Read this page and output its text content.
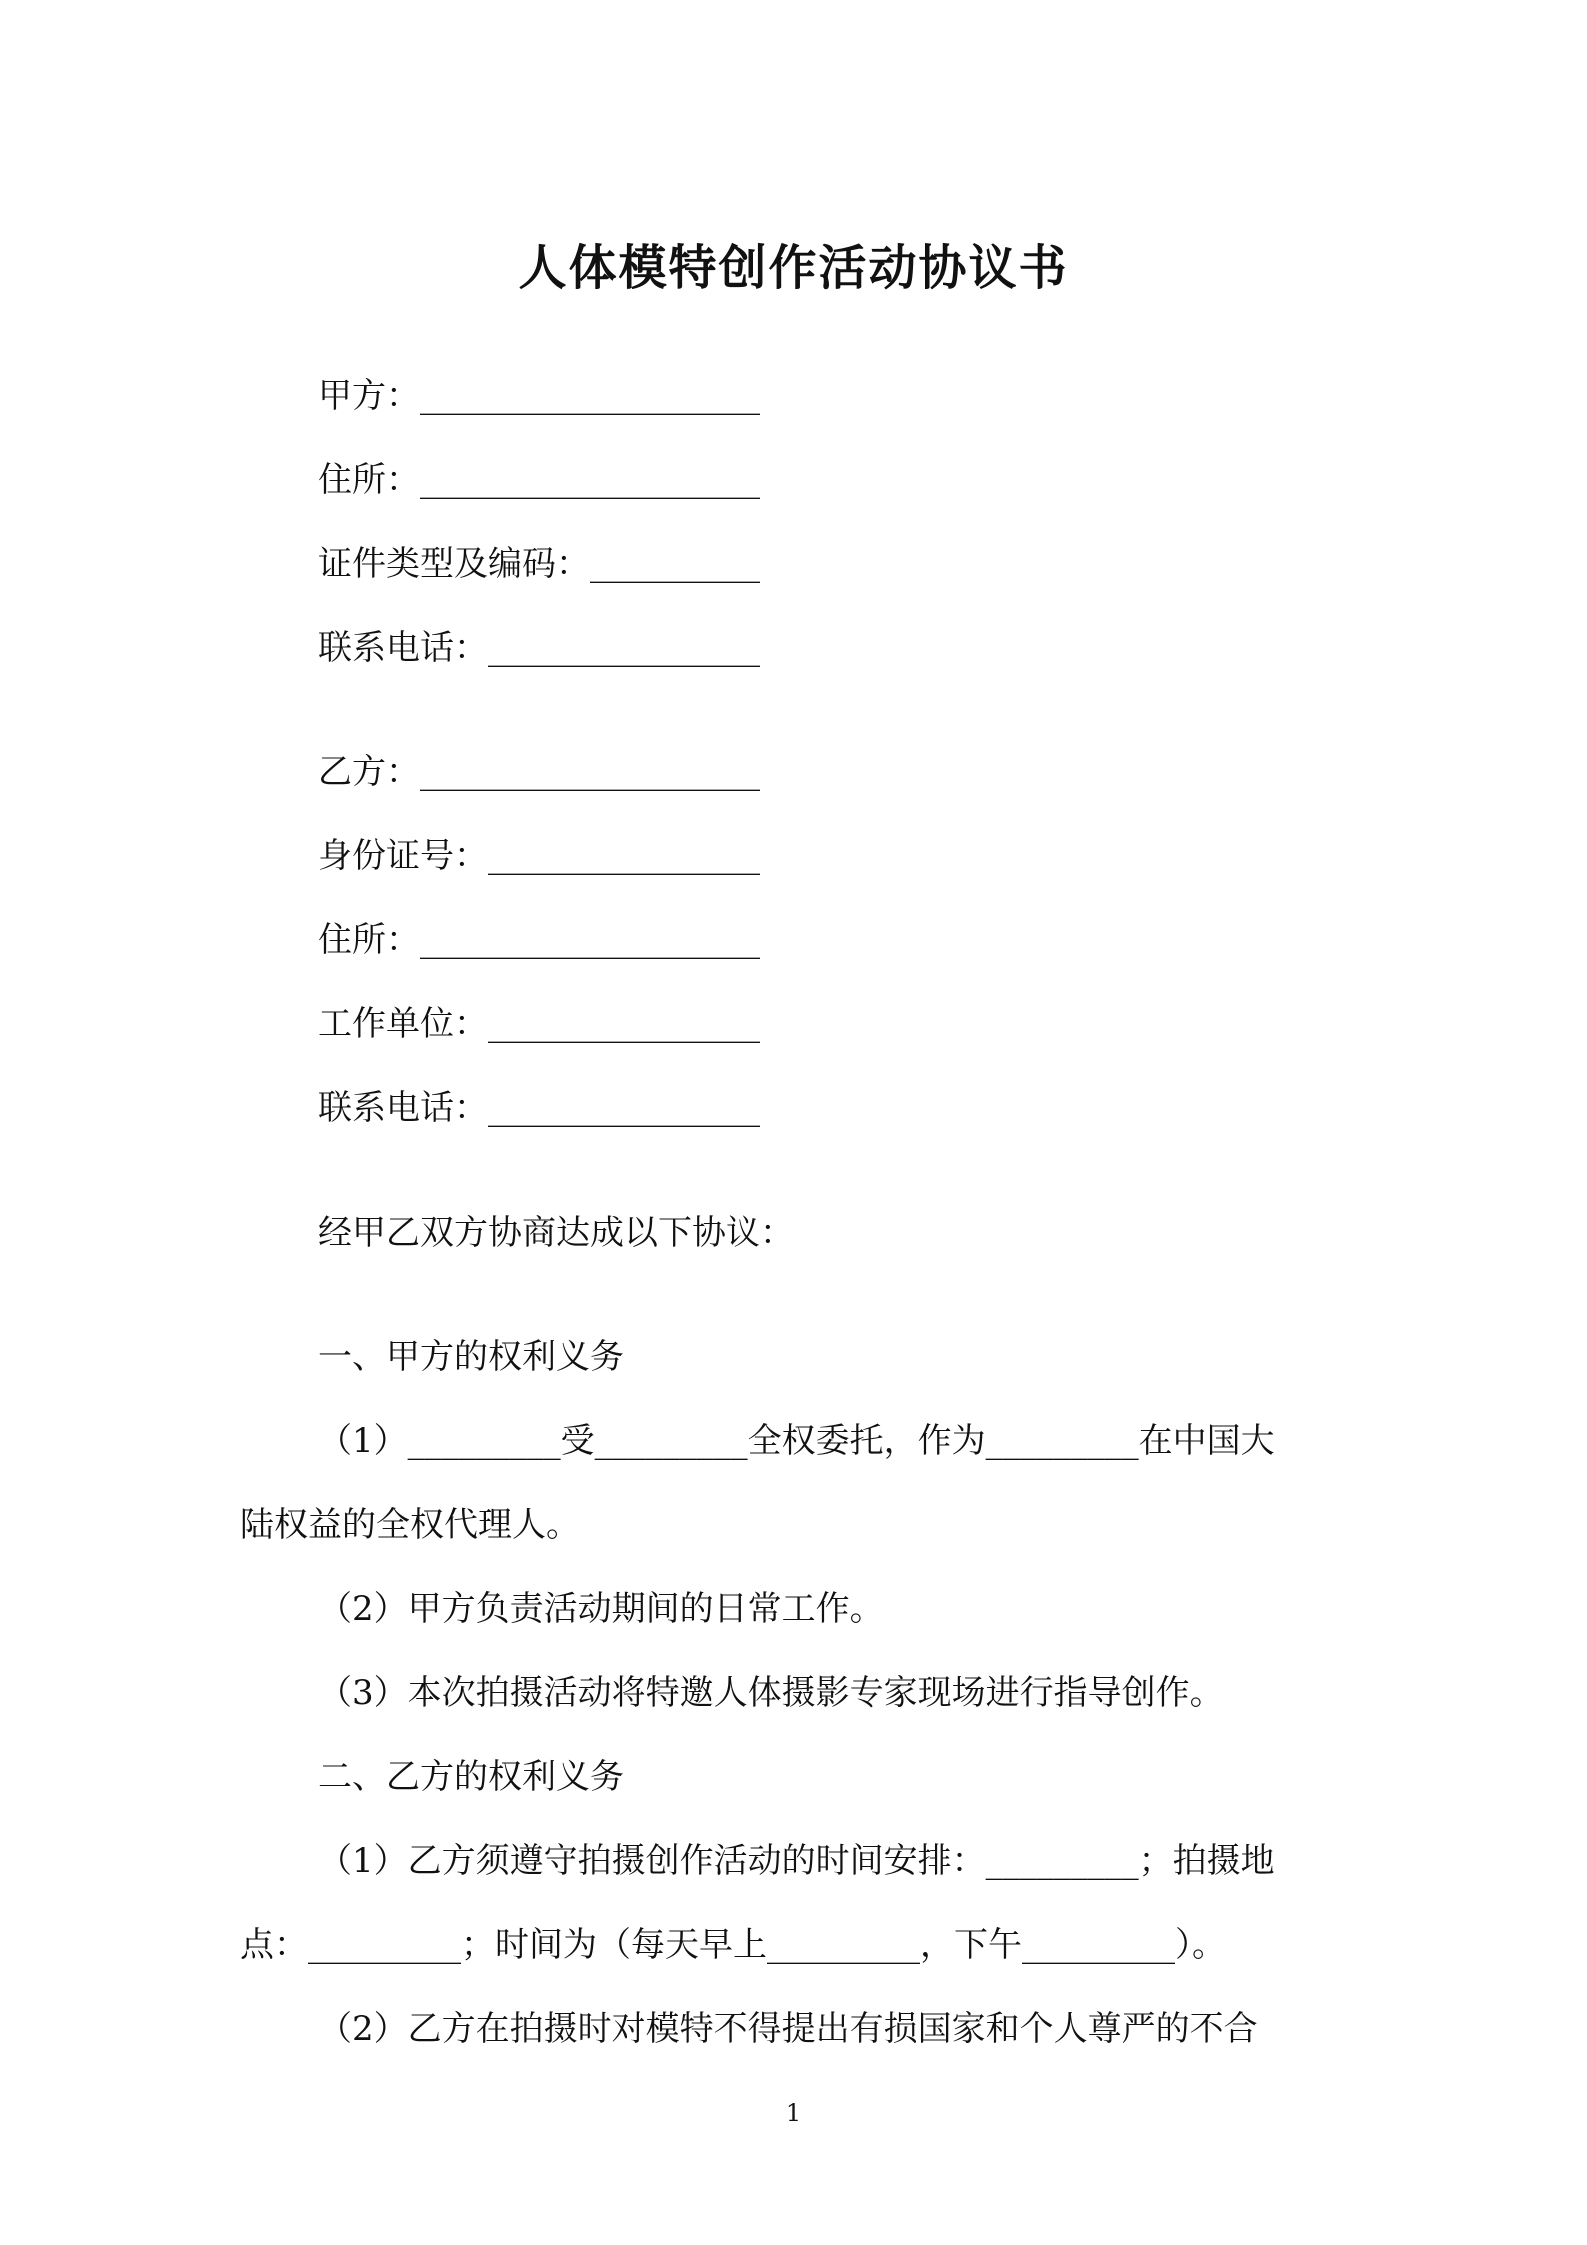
人体模特创作活动协议书
甲方：____________________
住所：____________________
证件类型及编码：__________
联系电话：________________
乙方：____________________
身份证号：________________
住所：____________________
工作单位：________________
联系电话：________________
经甲乙双方协商达成以下协议：
一、甲方的权利义务
（1）_________受_________全权委托，作为_________在中国大
陆权益的全权代理人。
（2）甲方负责活动期间的日常工作。
（3）本次拍摄活动将特邀人体摄影专家现场进行指导创作。
二、乙方的权利义务
（1）乙方须遵守拍摄创作活动的时间安排：_________；拍摄地
点：_________；时间为（每天早上_________，下午_________）。
（2）乙方在拍摄时对模特不得提出有损国家和个人尊严的不合
1
